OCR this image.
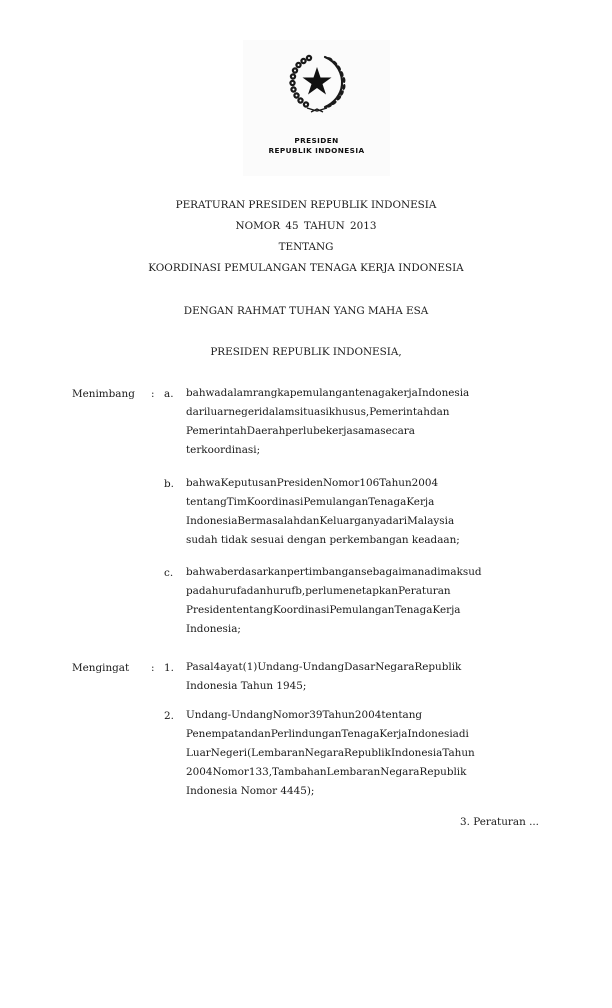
PRESIDEN
REPUBLIK INDONESIA
PERATURAN PRESIDEN REPUBLIK INDONESIA
NOMOR 45 TAHUN 2013
TENTANG
KOORDINASI PEMULANGAN TENAGA KERJA INDONESIA
DENGAN RAHMAT TUHAN YANG MAHA ESA
PRESIDEN REPUBLIK INDONESIA,
Menimbang : a. bahwadalamrangkapemulangantenagakerjaIndonesia
dariluarnegeridalamsituasikhusus,Pemerintahdan
PemerintahDaerahperlubekerjasamasecara
terkoordinasi;
b. bahwaKeputusanPresidenNomor106Tahun2004
tentangTimKoordinasiPemulanganTenagaKerja
IndonesiaBermasalahdanKeluarganyadariMalaysia
sudah tidak sesuai dengan perkembangan keadaan;
c. bahwaberdasarkanpertimbangansebagaimanadimaksud
padahurufadanhurufb,perlumenetapkanPeraturan
PresidententangKoordinasiPemulanganTenagaKerja
Indonesia;
Mengingat : 1. Pasal4ayat(1)Undang-UndangDasarNegaraRepublik
Indonesia Tahun 1945;
2. Undang-UndangNomor39Tahun2004tentang
PenempatandanPerlindunganTenagaKerjaIndonesiadi
LuarNegeri(LembaranNegaraRepublikIndonesiaTahun
2004Nomor133,TambahanLembaranNegaraRepublik
Indonesia Nomor 4445);
3. Peraturan ...
